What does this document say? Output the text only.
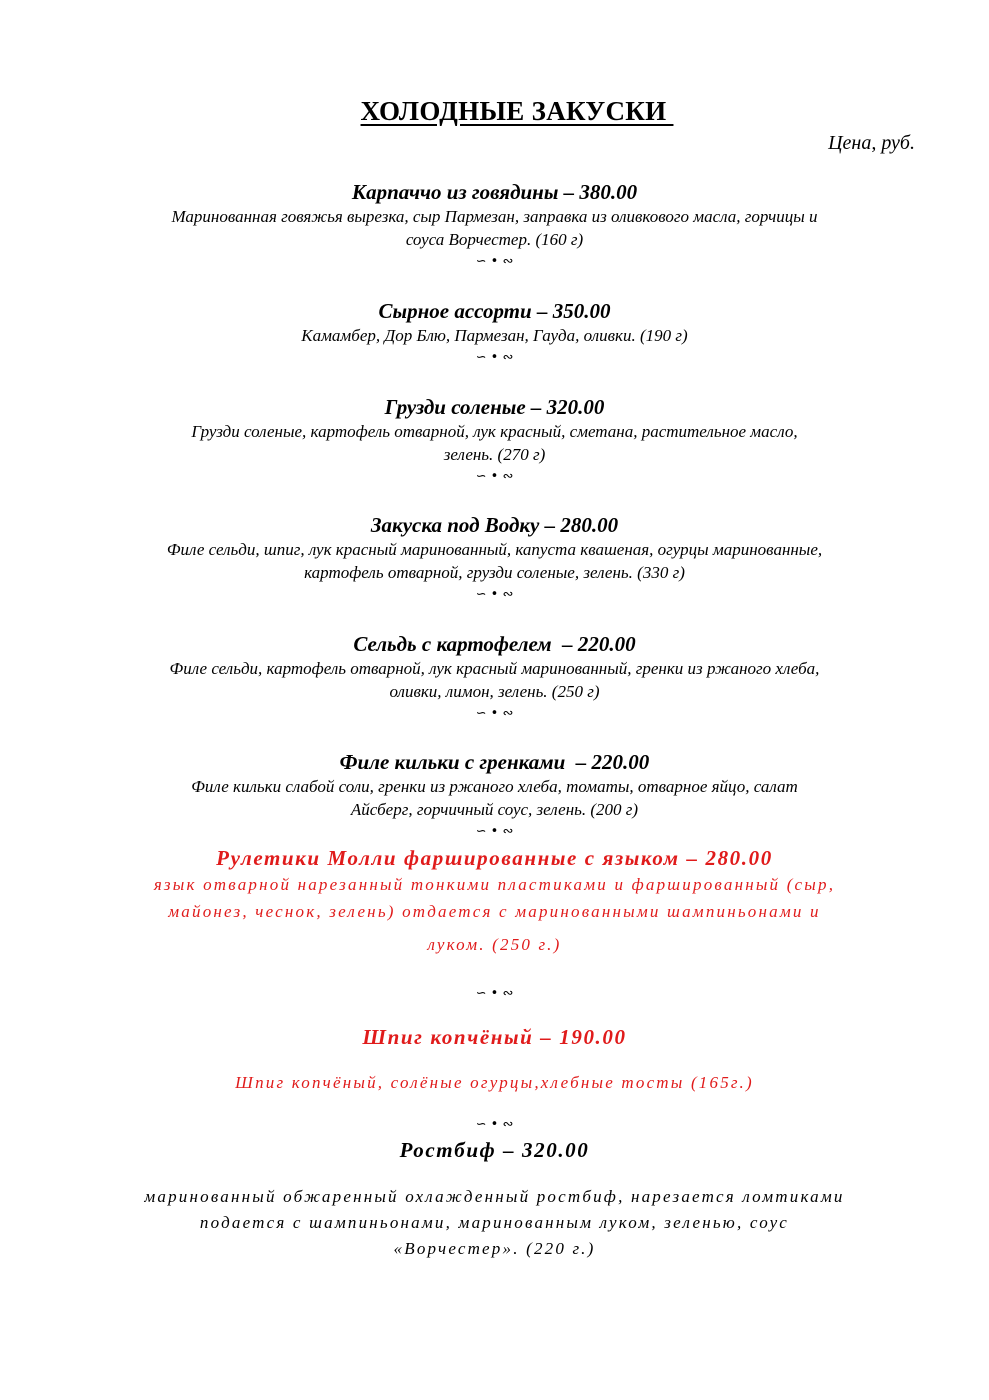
ХОЛОДНЫЕ ЗАКУСКИ
Цена, руб.
Карпаччо из говядины – 380.00
Маринованная говяжья вырезка, сыр Пармезан, заправка из оливкового масла, горчицы и
соуса Ворчестер. (160 г)
∽ • ∾
Сырное ассорти – 350.00
Камамбер, Дор Блю, Пармезан, Гауда, оливки. (190 г)
∽ • ∾
Грузди соленые – 320.00
Грузди соленые, картофель отварной, лук красный, сметана, растительное масло,
зелень. (270 г)
∽ • ∾
Закуска под Водку – 280.00
Филе сельди, шпиг, лук красный маринованный, капуста квашеная, огурцы маринованные,
картофель отварной, грузди соленые, зелень. (330 г)
∽ • ∾
Сельдь с картофелем  – 220.00
Филе сельди, картофель отварной, лук красный маринованный, гренки из ржаного хлеба,
оливки, лимон, зелень. (250 г)
∽ • ∾
Филе кильки с гренками  – 220.00
Филе кильки слабой соли, гренки из ржаного хлеба, томаты, отварное яйцо, салат
Айсберг, горчичный соус, зелень. (200 г)
∽ • ∾
Рулетики Молли фаршированные с языком – 280.00
язык отварной нарезанный тонкими пластиками и фаршированный (сыр,
майонез, чеснок, зелень) отдается с маринованными шампиньонами и
луком. (250 г.)
∽ • ∾
Шпиг копчёный – 190.00
Шпиг копчёный, солёные огурцы,хлебные тосты (165г.)
∽ • ∾
Ростбиф – 320.00
маринованный обжаренный охлажденный ростбиф, нарезается ломтиками
подается с шампиньонами, маринованным луком, зеленью, соус
«Ворчестер». (220 г.)
